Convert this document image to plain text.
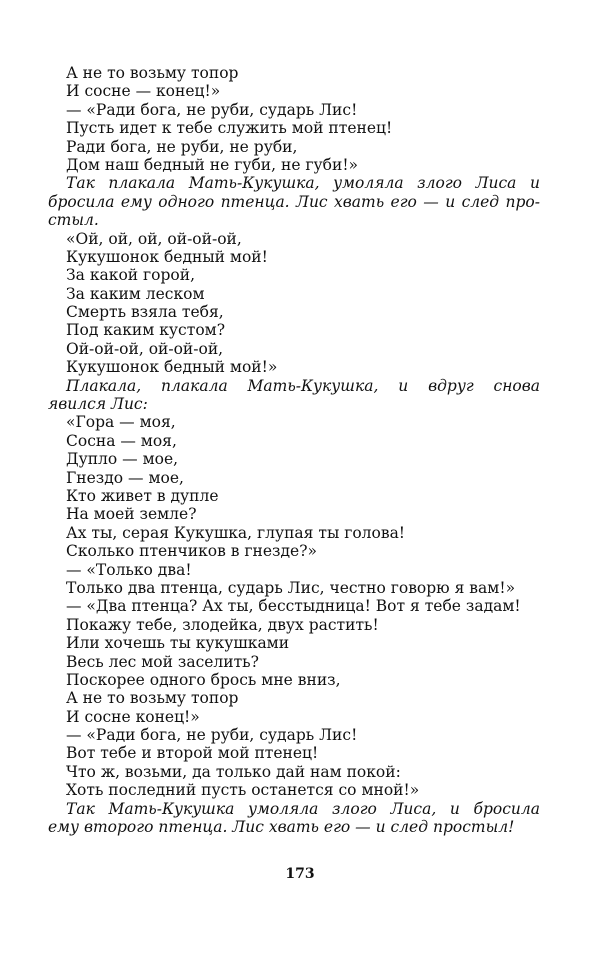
А не то возьму топор
И сосне — конец!»
— «Ради бога, не руби, сударь Лис!
Пусть идет к тебе служить мой птенец!
Ради бога, не руби, не руби,
Дом наш бедный не губи, не губи!»
Так плакала Мать-Кукушка, умоляла злого Лиса и
бросила ему одного птенца. Лис хвать его — и след про-
стыл.
«Ой, ой, ой, ой-ой-ой,
Кукушонок бедный мой!
За какой горой,
За каким леском
Смерть взяла тебя,
Под каким кустом?
Ой-ой-ой, ой-ой-ой,
Кукушонок бедный мой!»
Плакала, плакала Мать-Кукушка, и вдруг снова
явился Лис:
«Гора — моя,
Сосна — моя,
Дупло — мое,
Гнездо — мое,
Кто живет в дупле
На моей земле?
Ах ты, серая Кукушка, глупая ты голова!
Сколько птенчиков в гнезде?»
— «Только два!
Только два птенца, сударь Лис, честно говорю я вам!»
— «Два птенца? Ах ты, бесстыдница! Вот я тебе задам!
Покажу тебе, злодейка, двух растить!
Или хочешь ты кукушками
Весь лес мой заселить?
Поскорее одного брось мне вниз,
А не то возьму топор
И сосне конец!»
— «Ради бога, не руби, сударь Лис!
Вот тебе и второй мой птенец!
Что ж, возьми, да только дай нам покой:
Хоть последний пусть останется со мной!»
Так Мать-Кукушка умоляла злого Лиса, и бросила
ему второго птенца. Лис хвать его — и след простыл!
173
